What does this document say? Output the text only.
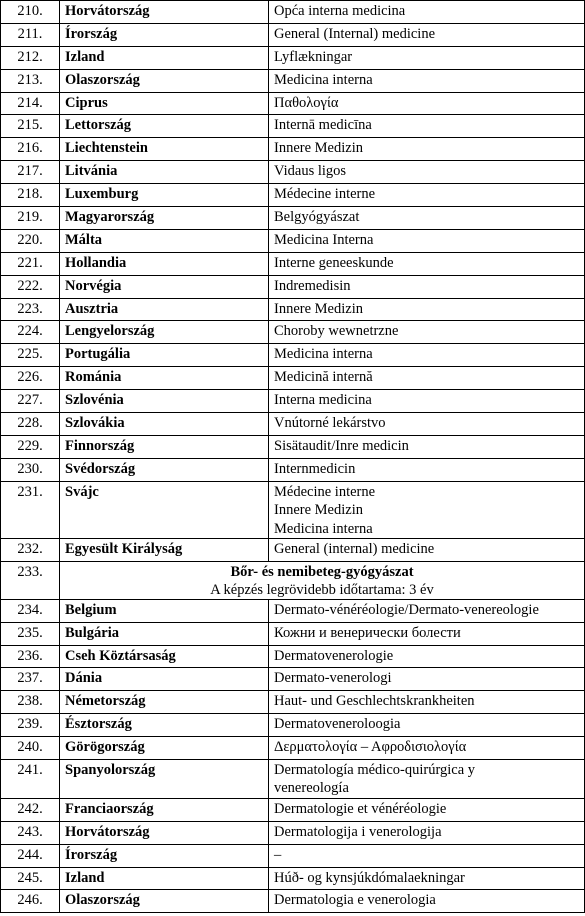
210.	Horvátország	Opća interna medicina

211.	Írország	General (Internal) medicine

212.	Izland	Lyflækningar

213.	Olaszország	Medicina interna

214.	Ciprus	Παθολογία

215.	Lettország	Internā medicīna

216.	Liechtenstein	Innere Medizin

217.	Litvánia	Vidaus ligos

218.	Luxemburg	Médecine interne

219.	Magyarország	Belgyógyászat

220.	Málta	Medicina Interna

221.	Hollandia	Interne geneeskunde

222.	Norvégia	Indremedisin

223.	Ausztria	Innere Medizin

224.	Lengyelország	Choroby wewnetrzne

225.	Portugália	Medicina interna

226.	Románia	Medicină internă

227.	Szlovénia	Interna medicina

228.	Szlovákia	Vnútorné lekárstvo

229.	Finnország	Sisätaudit/Inre medicin

230.	Svédország	Internmedicin

231.	Svájc	Médecine interne
Innere Medizin
Medicina interna

232.	Egyesült Királyság	General (internal) medicine

233.	Bőr- és nemibeteg-gyógyászat
A képzés legrövidebb időtartama: 3 év	

234.	Belgium	Dermato-vénéréologie/Dermato-venereologie

235.	Bulgária	Кожни и венерически болести

236.	Cseh Köztársaság	Dermatovenerologie

237.	Dánia	Dermato-venerologi

238.	Németország	Haut- und Geschlechtskrankheiten

239.	Észtország	Dermatoveneroloogia

240.	Görögország	Δερματολογία – Αφροδισιολογία

241.	Spanyolország	Dermatología médico-quirúrgica y
venereología

242.	Franciaország	Dermatologie et vénéréologie

243.	Horvátország	Dermatologija i venerologija

244.	Írország	–

245.	Izland	Húð- og kynsjúkdómalaekningar

246.	Olaszország	Dermatologia e venerologia
